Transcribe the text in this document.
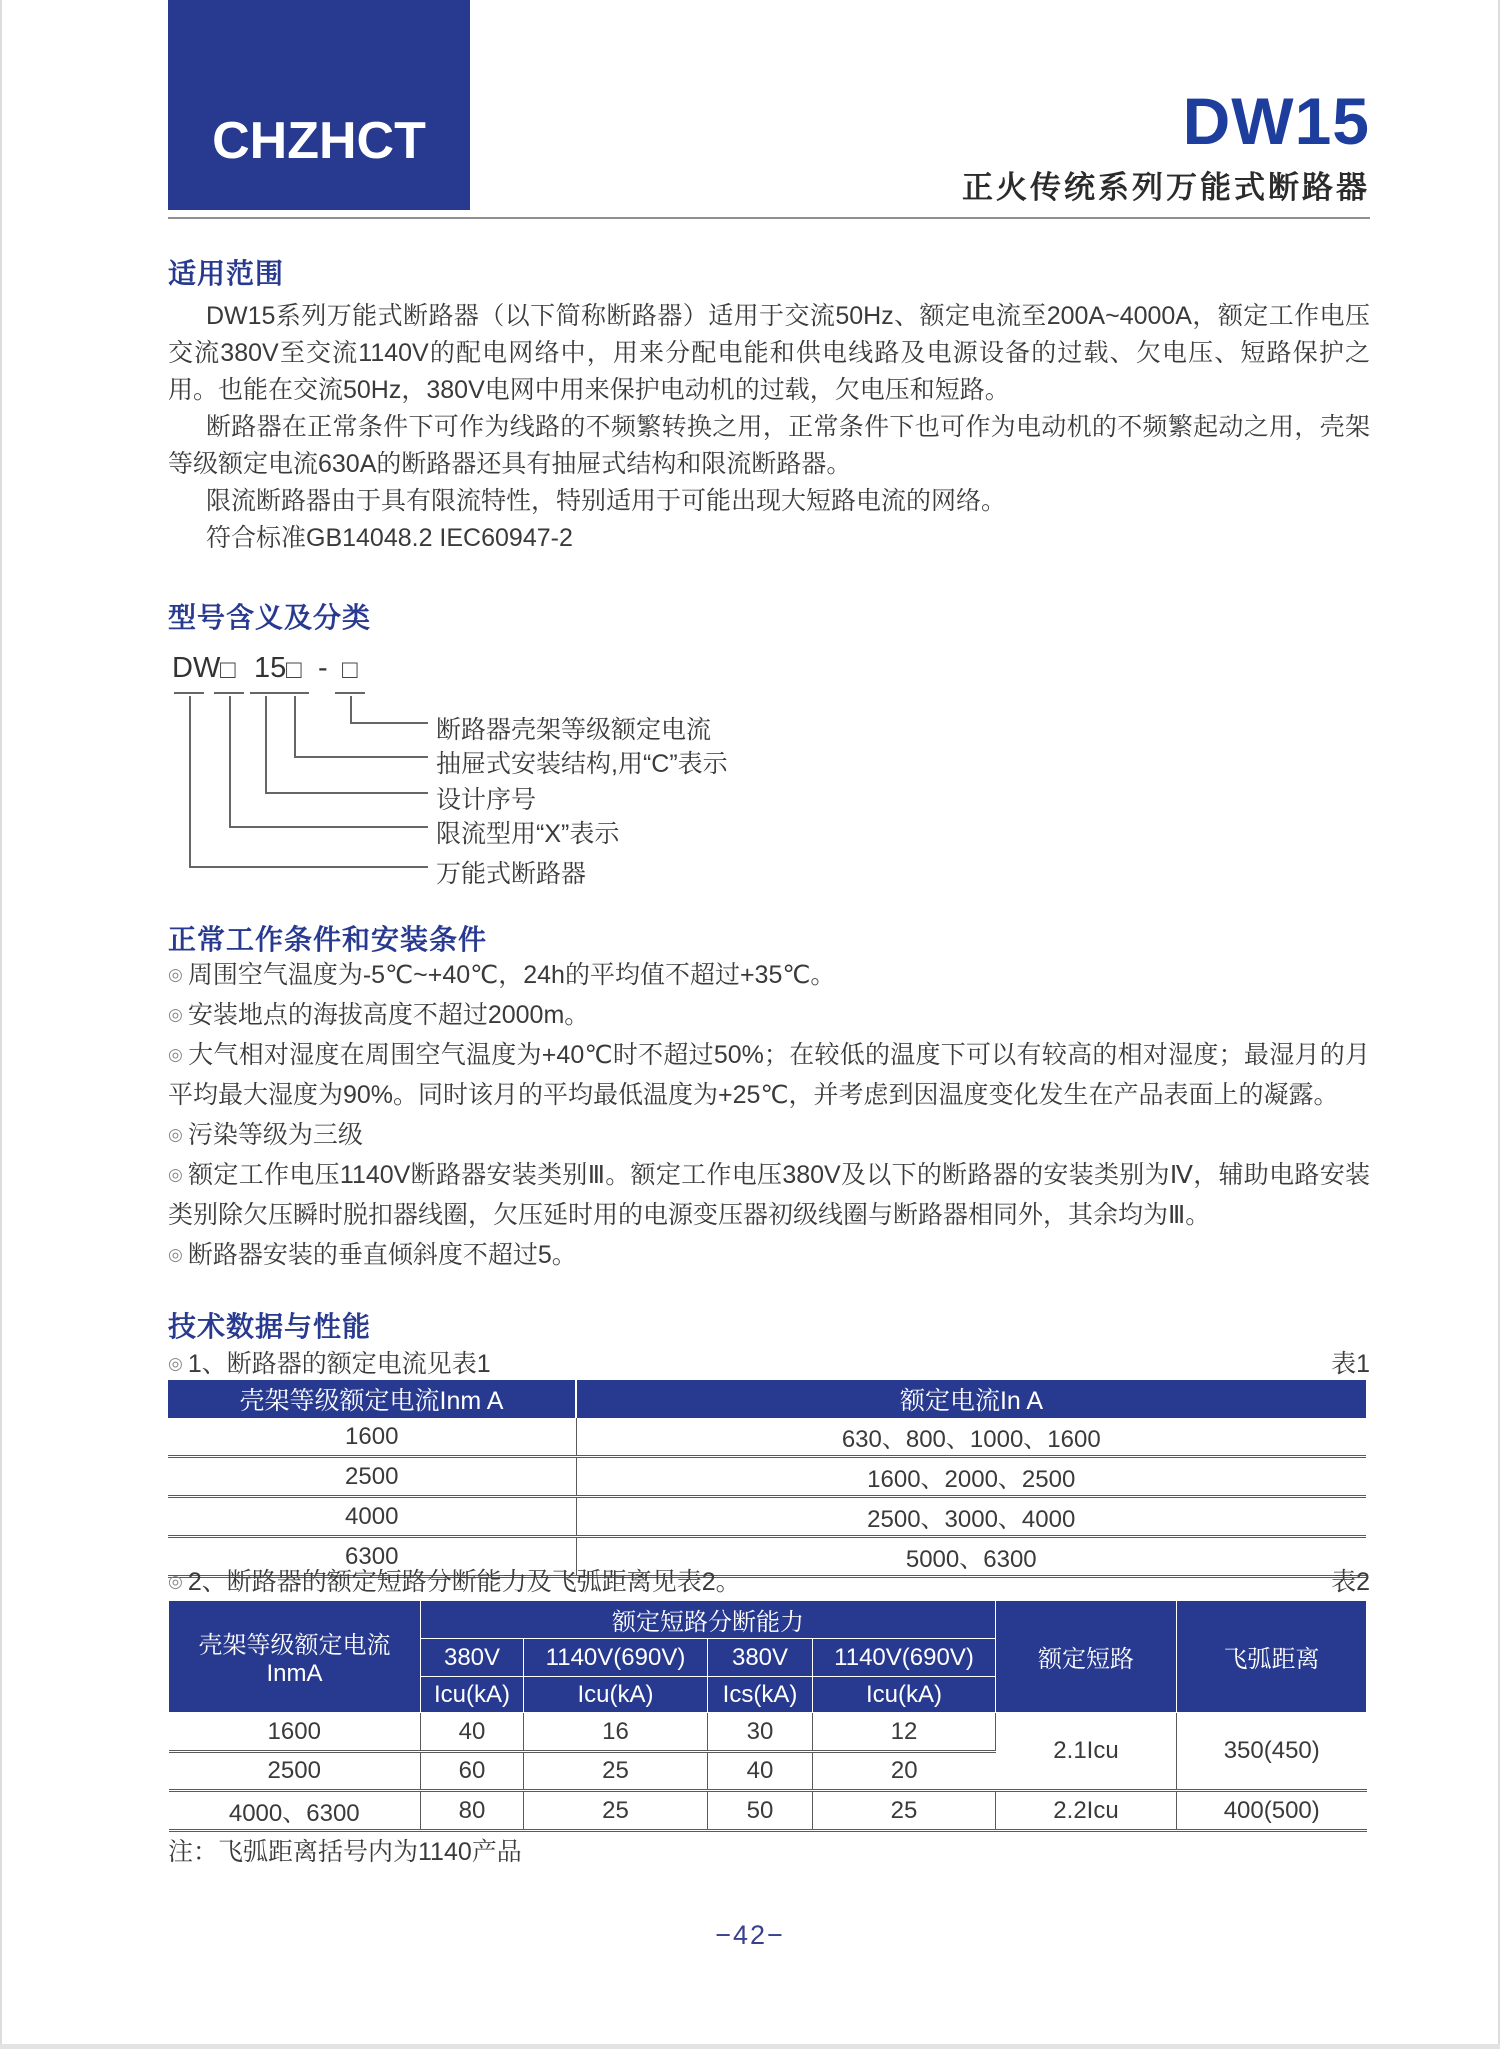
CHZHCT	DW15
正火传统系列万能式断路器
适用范围

DW15系列万能式断路器（以下简称断路器）适用于交流50Hz、额定电流至200A~4000A，额定工作电压交流380V至交流1140V的配电网络中，用来分配电能和供电线路及电源设备的过载、欠电压、短路保护之用。也能在交流50Hz，380V电网中用来保护电动机的过载，欠电压和短路。

断路器在正常条件下可作为线路的不频繁转换之用，正常条件下也可作为电动机的不频繁起动之用，壳架等级额定电流630A的断路器还具有抽屉式结构和限流断路器。

限流断路器由于具有限流特性，特别适用于可能出现大短路电流的网络。

符合标准GB14048.2 IEC60947-2

型号含义及分类
DW □ 15 □ - □
断路器壳架等级额定电流
抽屉式安装结构,用“C”表示
设计序号
限流型用“X”表示
万能式断路器
正常工作条件和安装条件

◎ 周围空气温度为-5℃~+40℃，24h的平均值不超过+35℃。

◎ 安装地点的海拔高度不超过2000m。

◎ 大气相对湿度在周围空气温度为+40℃时不超过50%；在较低的温度下可以有较高的相对湿度；最湿月的月平均最大湿度为90%。同时该月的平均最低温度为+25℃，并考虑到因温度变化发生在产品表面上的凝露。

◎ 污染等级为三级

◎ 额定工作电压1140V断路器安装类别Ⅲ。额定工作电压380V及以下的断路器的安装类别为Ⅳ，辅助电路安装类别除欠压瞬时脱扣器线圈，欠压延时用的电源变压器初级线圈与断路器相同外，其余均为Ⅲ。

◎ 断路器安装的垂直倾斜度不超过5。

技术数据与性能
◎ 1、断路器的额定电流见表1	表1
壳架等级额定电流Inm A	额定电流In A
1600	630、800、1000、1600
2500	1600、2000、2500
4000	2500、3000、4000
6300	5000、6300
◎ 2、断路器的额定短路分断能力及飞弧距离见表2。	表2
壳架等级额定电流 InmA	额定短路分断能力				额定短路	飞弧距离
	380V	1140V(690V)	380V	1140V(690V)		
	Icu(kA)	Icu(kA)	Ics(kA)	Icu(kA)		
1600	40	16	30	12	2.1Icu	350(450)
2500	60	25	40	20		
4000、6300	80	25	50	25	2.2Icu	400(500)
注：飞弧距离括号内为1140产品
−42−
